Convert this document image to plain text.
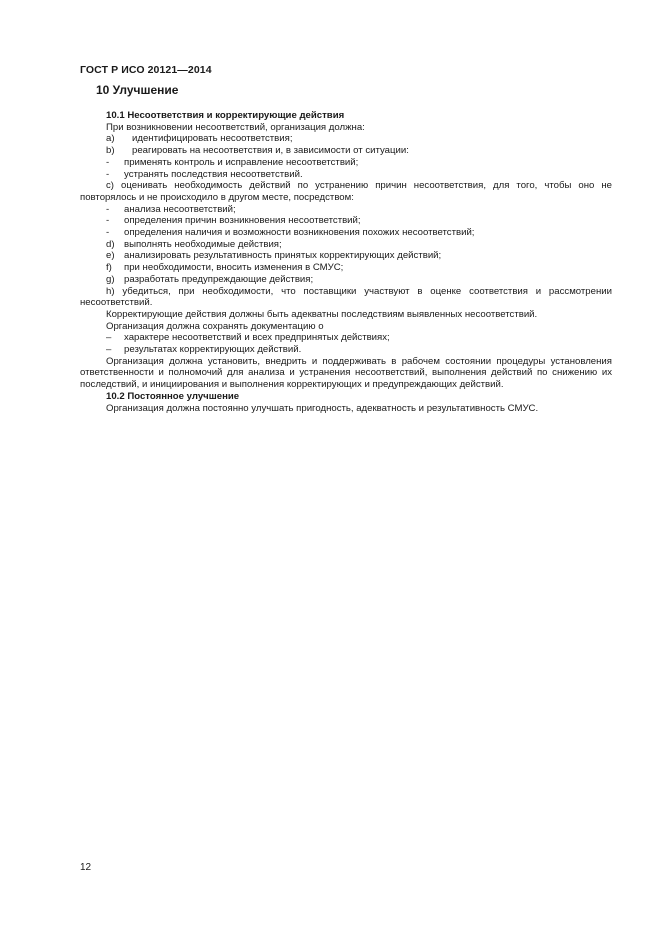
ГОСТ Р ИСО 20121—2014
10 Улучшение

10.1 Несоответствия и корректирующие действия

При возникновении несоответствий, организация должна:

a) идентифицировать несоответствия;

b) реагировать на несоответствия и, в зависимости от ситуации:

- применять контроль и исправление несоответствий;

- устранять последствия несоответствий.

c) оценивать необходимость действий по устранению причин несоответствия, для того, чтобы оно не повторялось и не происходило в другом месте, посредством:

- анализа несоответствий;

- определения причин возникновения несоответствий;

- определения наличия и возможности возникновения похожих несоответствий;

d) выполнять необходимые действия;

e) анализировать результативность принятых корректирующих действий;

f) при необходимости, вносить изменения в СМУС;

g) разработать предупреждающие действия;

h) убедиться, при необходимости, что поставщики участвуют в оценке соответствия и рассмотрении несоответствий.

Корректирующие действия должны быть адекватны последствиям выявленных несоответствий.

Организация должна сохранять документацию о

– характере несоответствий и всех предпринятых действиях;

– результатах корректирующих действий.

Организация должна установить, внедрить и поддерживать в рабочем состоянии процедуры установления ответственности и полномочий для анализа и устранения несоответствий, выполнения действий по снижению их последствий, и инициирования и выполнения корректирующих и предупреждающих действий.

10.2 Постоянное улучшение

Организация должна постоянно улучшать пригодность, адекватность и результативность СМУС.

12
